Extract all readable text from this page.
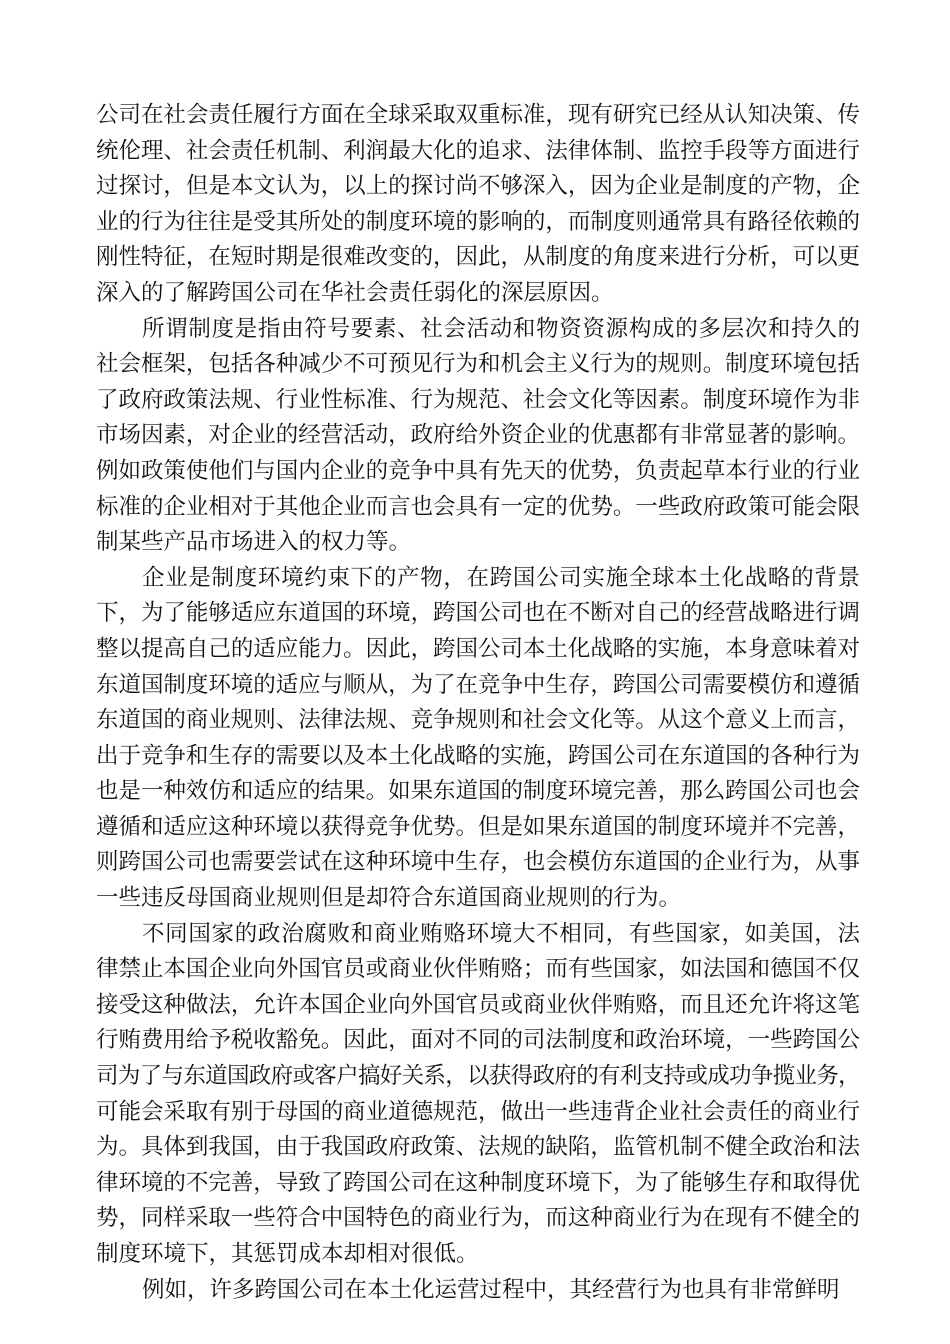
公司在社会责任履行方面在全球采取双重标准，现有研究已经从认知决策、传
统伦理、社会责任机制、利润最大化的追求、法律体制、监控手段等方面进行
过探讨，但是本文认为，以上的探讨尚不够深入，因为企业是制度的产物，企
业的行为往往是受其所处的制度环境的影响的，而制度则通常具有路径依赖的
刚性特征，在短时期是很难改变的，因此，从制度的角度来进行分析，可以更
深入的了解跨国公司在华社会责任弱化的深层原因。
所谓制度是指由符号要素、社会活动和物资资源构成的多层次和持久的
社会框架，包括各种减少不可预见行为和机会主义行为的规则。制度环境包括
了政府政策法规、行业性标准、行为规范、社会文化等因素。制度环境作为非
市场因素，对企业的经营活动，政府给外资企业的优惠都有非常显著的影响。
例如政策使他们与国内企业的竞争中具有先天的优势，负责起草本行业的行业
标准的企业相对于其他企业而言也会具有一定的优势。一些政府政策可能会限
制某些产品市场进入的权力等。
企业是制度环境约束下的产物，在跨国公司实施全球本土化战略的背景
下，为了能够适应东道国的环境，跨国公司也在不断对自己的经营战略进行调
整以提高自己的适应能力。因此，跨国公司本土化战略的实施，本身意味着对
东道国制度环境的适应与顺从，为了在竞争中生存，跨国公司需要模仿和遵循
东道国的商业规则、法律法规、竞争规则和社会文化等。从这个意义上而言，
出于竞争和生存的需要以及本土化战略的实施，跨国公司在东道国的各种行为
也是一种效仿和适应的结果。如果东道国的制度环境完善，那么跨国公司也会
遵循和适应这种环境以获得竞争优势。但是如果东道国的制度环境并不完善，
则跨国公司也需要尝试在这种环境中生存，也会模仿东道国的企业行为，从事
一些违反母国商业规则但是却符合东道国商业规则的行为。
不同国家的政治腐败和商业贿赂环境大不相同，有些国家，如美国，法
律禁止本国企业向外国官员或商业伙伴贿赂；而有些国家，如法国和德国不仅
接受这种做法，允许本国企业向外国官员或商业伙伴贿赂，而且还允许将这笔
行贿费用给予税收豁免。因此，面对不同的司法制度和政治环境，一些跨国公
司为了与东道国政府或客户搞好关系，以获得政府的有利支持或成功争揽业务，
可能会采取有别于母国的商业道德规范，做出一些违背企业社会责任的商业行
为。具体到我国，由于我国政府政策、法规的缺陷，监管机制不健全政治和法
律环境的不完善，导致了跨国公司在这种制度环境下，为了能够生存和取得优
势，同样采取一些符合中国特色的商业行为，而这种商业行为在现有不健全的
制度环境下，其惩罚成本却相对很低。
例如，许多跨国公司在本土化运营过程中，其经营行为也具有非常鲜明
